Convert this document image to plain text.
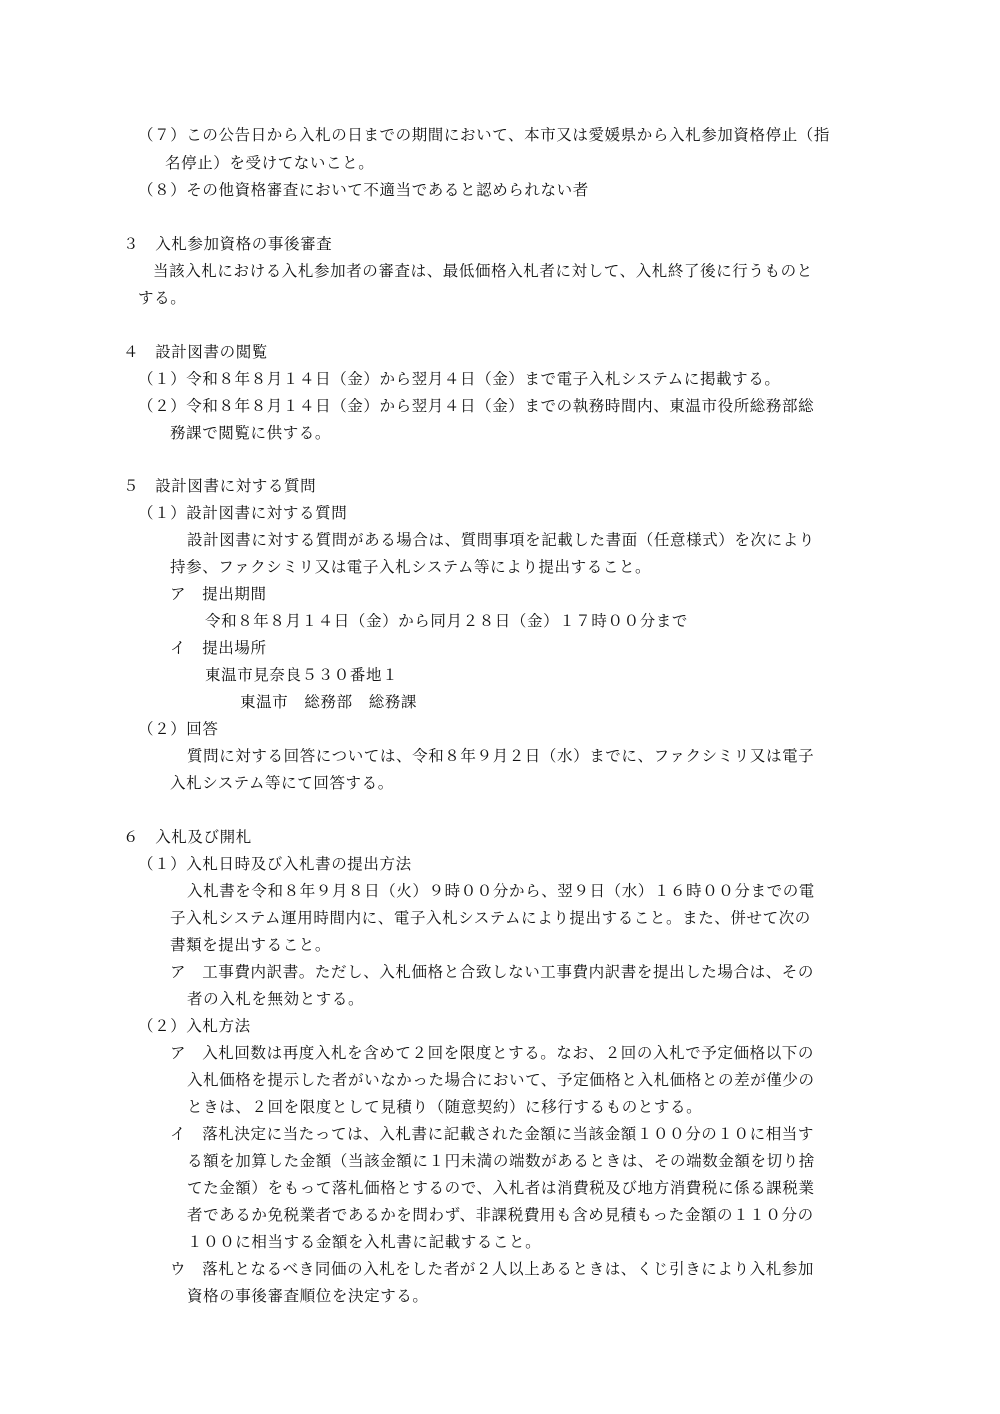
（７）この公告日から入札の日までの期間において、本市又は愛媛県から入札参加資格停止（指
名停止）を受けてないこと。
（８）その他資格審査において不適当であると認められない者
３　入札参加資格の事後審査
当該入札における入札参加者の審査は、最低価格入札者に対して、入札終了後に行うものと
する。
４　設計図書の閲覧
（１）令和８年８月１４日（金）から翌月４日（金）まで電子入札システムに掲載する。
（２）令和８年８月１４日（金）から翌月４日（金）までの執務時間内、東温市役所総務部総
務課で閲覧に供する。
５　設計図書に対する質問
（１）設計図書に対する質問
設計図書に対する質問がある場合は、質問事項を記載した書面（任意様式）を次により
持参、ファクシミリ又は電子入札システム等により提出すること。
ア　提出期間
令和８年８月１４日（金）から同月２８日（金）１７時００分まで
イ　提出場所
東温市見奈良５３０番地１
東温市　総務部　総務課
（２）回答
質問に対する回答については、令和８年９月２日（水）までに、ファクシミリ又は電子
入札システム等にて回答する。
６　入札及び開札
（１）入札日時及び入札書の提出方法
入札書を令和８年９月８日（火）９時００分から、翌９日（水）１６時００分までの電
子入札システム運用時間内に、電子入札システムにより提出すること。また、併せて次の
書類を提出すること。
ア　工事費内訳書。ただし、入札価格と合致しない工事費内訳書を提出した場合は、その
者の入札を無効とする。
（２）入札方法
ア　入札回数は再度入札を含めて２回を限度とする。なお、２回の入札で予定価格以下の
入札価格を提示した者がいなかった場合において、予定価格と入札価格との差が僅少の
ときは、２回を限度として見積り（随意契約）に移行するものとする。
イ　落札決定に当たっては、入札書に記載された金額に当該金額１００分の１０に相当す
る額を加算した金額（当該金額に１円未満の端数があるときは、その端数金額を切り捨
てた金額）をもって落札価格とするので、入札者は消費税及び地方消費税に係る課税業
者であるか免税業者であるかを問わず、非課税費用も含め見積もった金額の１１０分の
１００に相当する金額を入札書に記載すること。
ウ　落札となるべき同価の入札をした者が２人以上あるときは、くじ引きにより入札参加
資格の事後審査順位を決定する。
